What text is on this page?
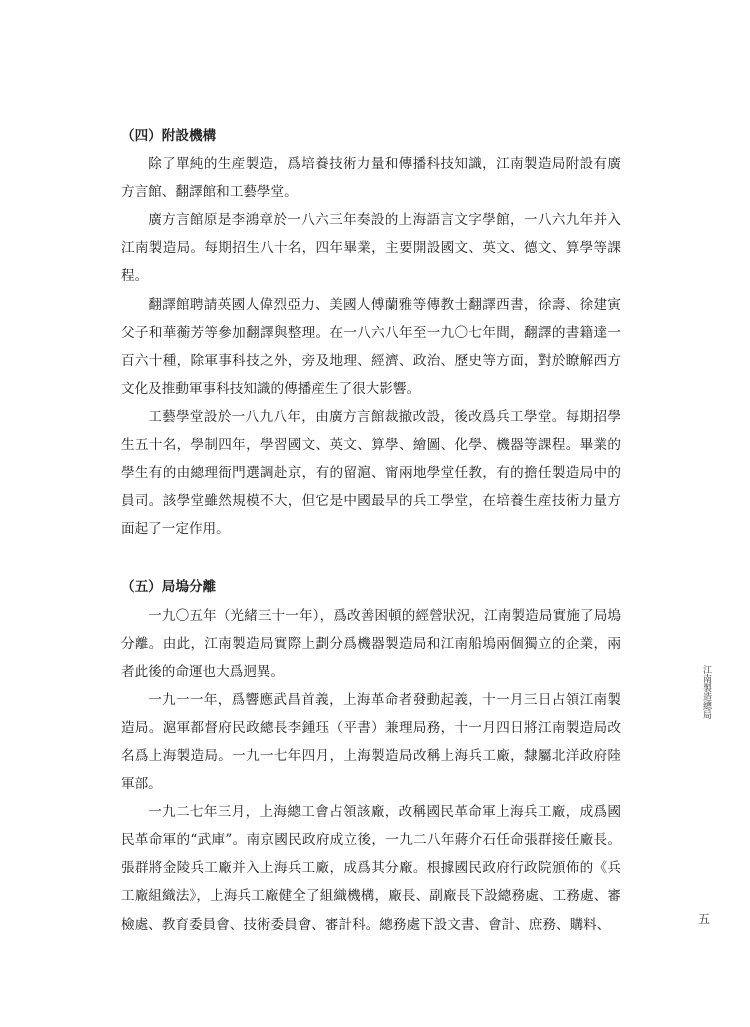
（四）附設機構

除了單純的生産製造，爲培養技術力量和傳播科技知識，江南製造局附設有廣方言館、翻譯館和工藝學堂。

廣方言館原是李鴻章於一八六三年奏設的上海語言文字學館，一八六九年并入江南製造局。每期招生八十名，四年畢業，主要開設國文、英文、德文、算學等課程。

翻譯館聘請英國人偉烈亞力、美國人傅蘭雅等傳教士翻譯西書，徐壽、徐建寅父子和華蘅芳等參加翻譯與整理。在一八六八年至一九〇七年間，翻譯的書籍達一百六十種，除軍事科技之外，旁及地理、經濟、政治、歷史等方面，對於瞭解西方文化及推動軍事科技知識的傳播産生了很大影響。

工藝學堂設於一八九八年，由廣方言館裁撤改設，後改爲兵工學堂。每期招學生五十名，學制四年，學習國文、英文、算學、繪圖、化學、機器等課程。畢業的學生有的由總理衙門選調赴京，有的留滬、甯兩地學堂任教，有的擔任製造局中的員司。該學堂雖然規模不大，但它是中國最早的兵工學堂，在培養生産技術力量方面起了一定作用。

（五）局塢分離

一九〇五年（光緒三十一年），爲改善困頓的經營狀況，江南製造局實施了局塢分離。由此，江南製造局實際上劃分爲機器製造局和江南船塢兩個獨立的企業，兩者此後的命運也大爲迥異。

一九一一年，爲響應武昌首義，上海革命者發動起義，十一月三日占領江南製造局。滬軍都督府民政總長李鍾珏（平書）兼理局務，十一月四日將江南製造局改名爲上海製造局。一九一七年四月，上海製造局改稱上海兵工廠，隸屬北洋政府陸軍部。

一九二七年三月，上海總工會占領該廠，改稱國民革命軍上海兵工廠，成爲國民革命軍的“武庫”。南京國民政府成立後，一九二八年蔣介石任命張群接任廠長。張群將金陵兵工廠并入上海兵工廠，成爲其分廠。根據國民政府行政院頒佈的《兵工廠組織法》，上海兵工廠健全了組織機構，廠長、副廠長下設總務處、工務處、審檢處、教育委員會、技術委員會、審計科。總務處下設文書、會計、庶務、購料、

江南製造總局
五
